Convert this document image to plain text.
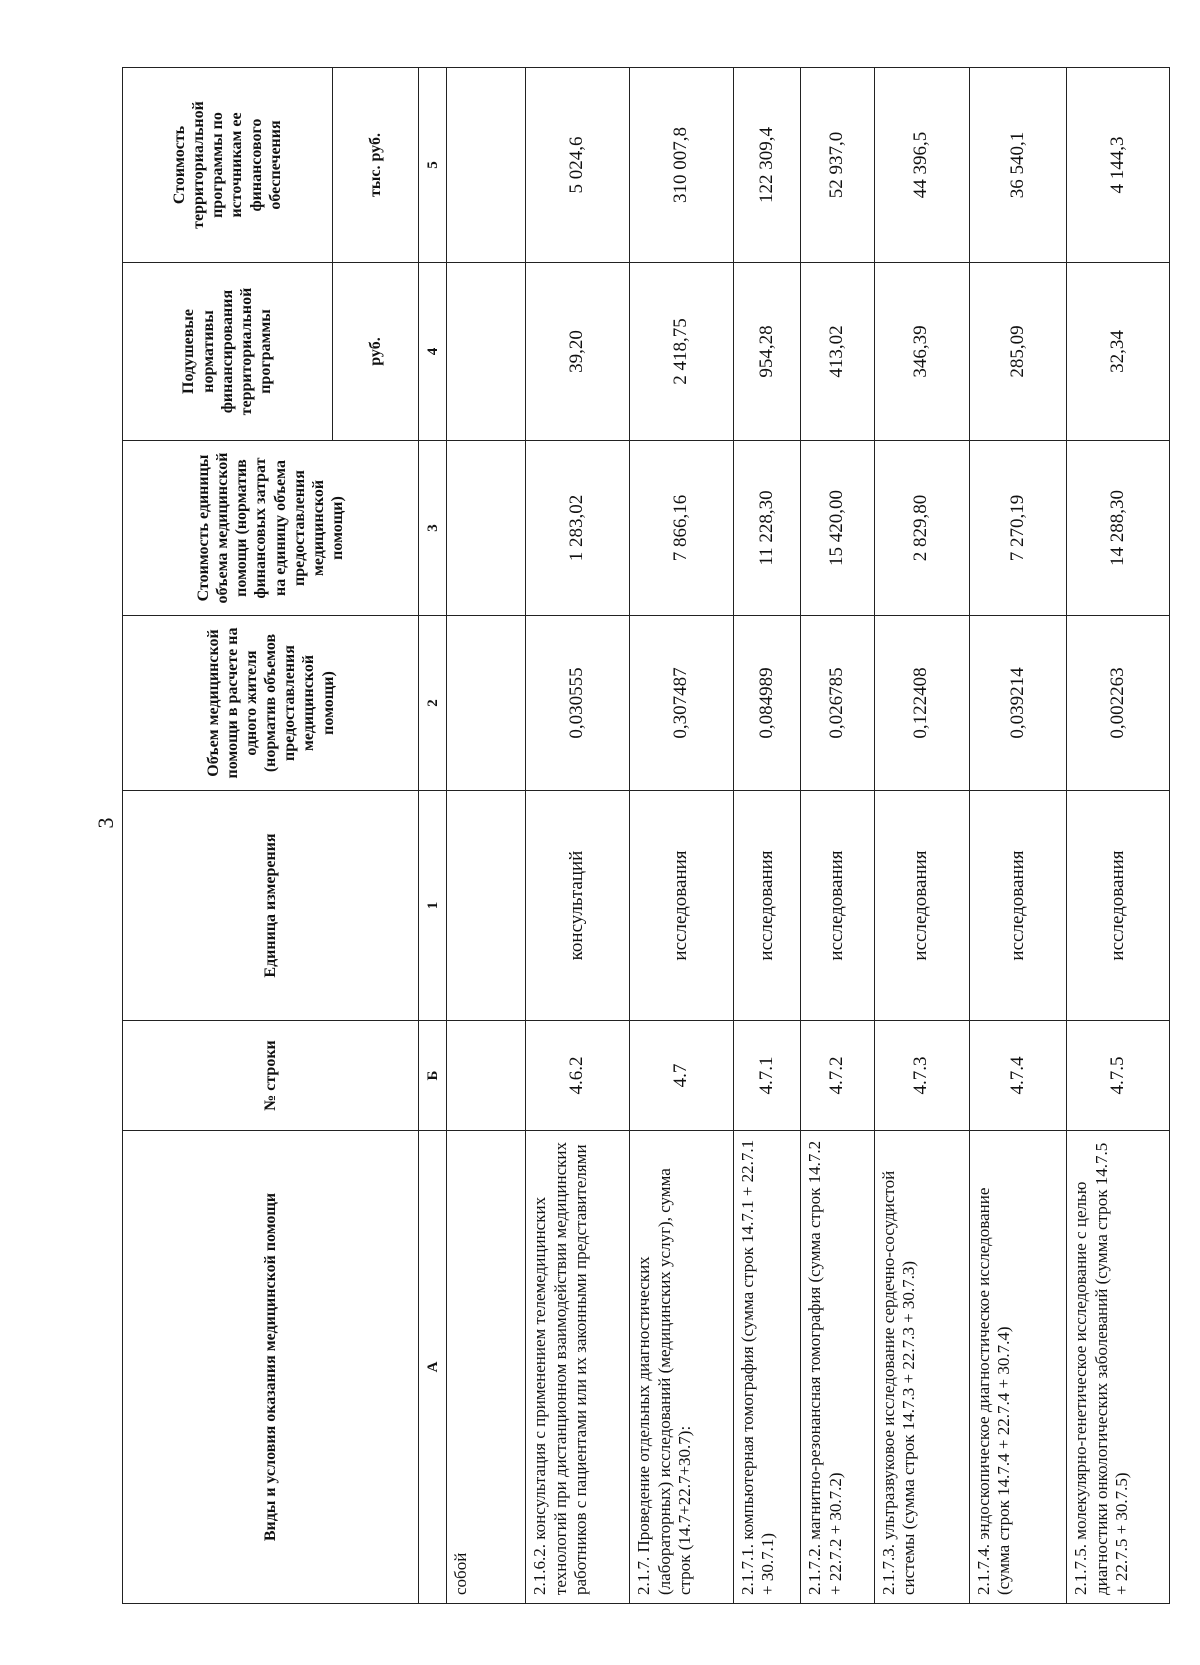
3
Виды и условия оказания медицинской помощи	№ строки	Единица измерения	Объем медицинской помощи в расчете на одного жителя (норматив объемов предоставления медицинской помощи)	Стоимость единицы объема медицинской помощи (норматив финансовых затрат на единицу объема предоставления медицинской помощи)	Подушевые нормативы финансирования территориальной программы	Стоимость территориальной программы по источникам ее финансового обеспечения
					руб.	тыс. руб.
А	Б	1	2	3	4	5
собой						
2.1.6.2. консультация с применением телемедицинских технологий при дистанционном взаимодействии медицинских работников с пациентами или их законными представителями	4.6.2	консультаций	0,030555	1 283,02	39,20	5 024,6
2.1.7. Проведение отдельных диагностических (лабораторных) исследований (медицинских услуг), сумма строк (14.7+22.7+30.7):	4.7	исследования	0,307487	7 866,16	2 418,75	310 007,8
2.1.7.1. компьютерная томография (сумма строк 14.7.1 + 22.7.1 + 30.7.1)	4.7.1	исследования	0,084989	11 228,30	954,28	122 309,4
2.1.7.2. магнитно-резонансная томография (сумма строк 14.7.2 + 22.7.2 + 30.7.2)	4.7.2	исследования	0,026785	15 420,00	413,02	52 937,0
2.1.7.3. ультразвуковое исследование сердечно-сосудистой системы (сумма строк 14.7.3 + 22.7.3 + 30.7.3)	4.7.3	исследования	0,122408	2 829,80	346,39	44 396,5
2.1.7.4. эндоскопическое диагностическое исследование (сумма строк 14.7.4 + 22.7.4 + 30.7.4)	4.7.4	исследования	0,039214	7 270,19	285,09	36 540,1
2.1.7.5. молекулярно-генетическое исследование с целью диагностики онкологических заболеваний (сумма строк 14.7.5 + 22.7.5 + 30.7.5)	4.7.5	исследования	0,002263	14 288,30	32,34	4 144,3
